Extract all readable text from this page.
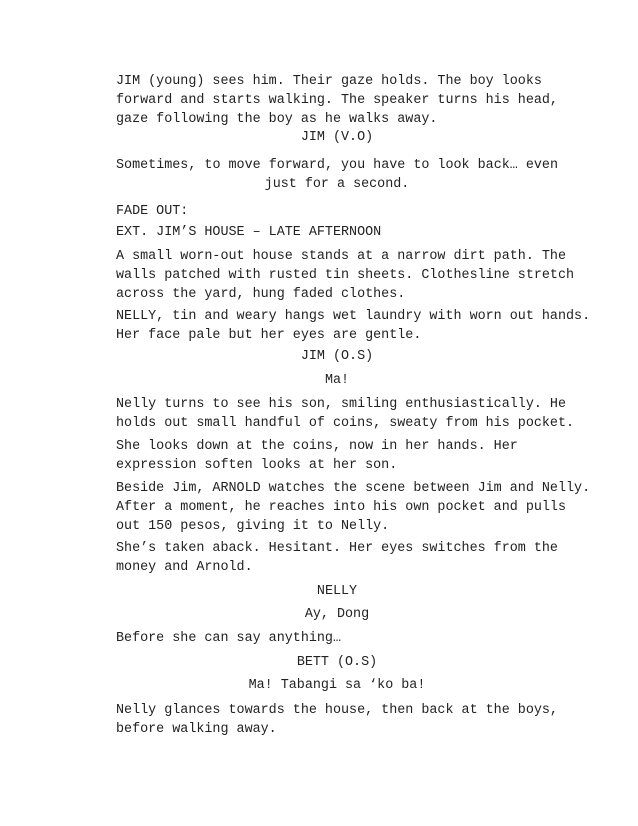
JIM (young) sees him. Their gaze holds. The boy looks
forward and starts walking. The speaker turns his head,
gaze following the boy as he walks away.
JIM (V.O)
Sometimes, to move forward, you have to look back… even
just for a second.
FADE OUT:
EXT. JIM’S HOUSE – LATE AFTERNOON
A small worn-out house stands at a narrow dirt path. The
walls patched with rusted tin sheets. Clothesline stretch
across the yard, hung faded clothes.
NELLY, tin and weary hangs wet laundry with worn out hands.
Her face pale but her eyes are gentle.
JIM (O.S)
Ma!
Nelly turns to see his son, smiling enthusiastically. He
holds out small handful of coins, sweaty from his pocket.
She looks down at the coins, now in her hands. Her
expression soften looks at her son.
Beside Jim, ARNOLD watches the scene between Jim and Nelly.
After a moment, he reaches into his own pocket and pulls
out 150 pesos, giving it to Nelly.
She’s taken aback. Hesitant. Her eyes switches from the
money and Arnold.
NELLY
Ay, Dong
Before she can say anything…
BETT (O.S)
Ma! Tabangi sa ‘ko ba!
Nelly glances towards the house, then back at the boys,
before walking away.
